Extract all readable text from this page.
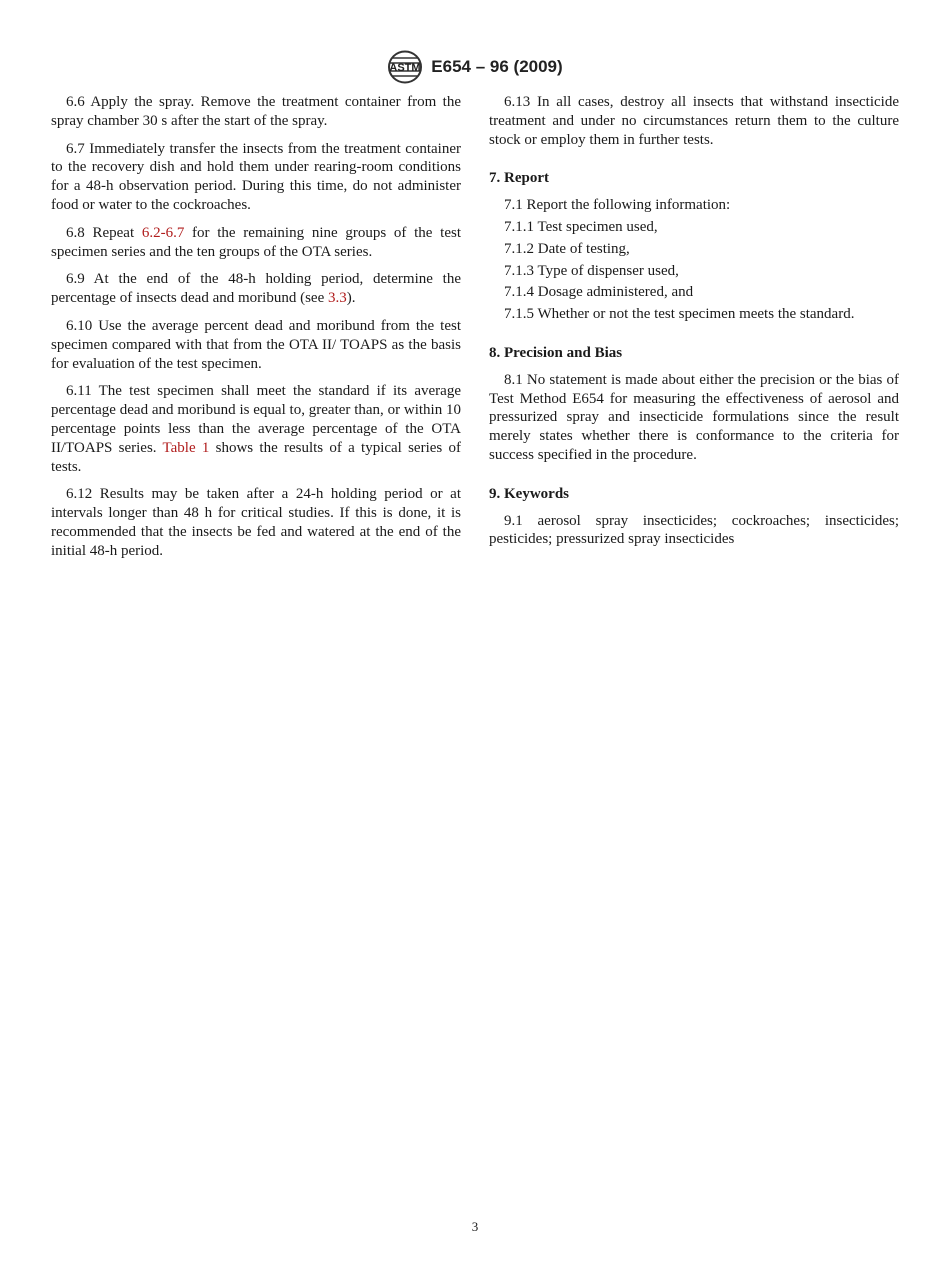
ASTM E654 – 96 (2009)

6.6 Apply the spray. Remove the treatment container from the spray chamber 30 s after the start of the spray.

6.7 Immediately transfer the insects from the treatment container to the recovery dish and hold them under rearing-room conditions for a 48-h observation period. During this time, do not administer food or water to the cockroaches.

6.8 Repeat 6.2-6.7 for the remaining nine groups of the test specimen series and the ten groups of the OTA series.

6.9 At the end of the 48-h holding period, determine the percentage of insects dead and moribund (see 3.3).

6.10 Use the average percent dead and moribund from the test specimen compared with that from the OTA II/ TOAPS as the basis for evaluation of the test specimen.

6.11 The test specimen shall meet the standard if its average percentage dead and moribund is equal to, greater than, or within 10 percentage points less than the average percentage of the OTA II/TOAPS series. Table 1 shows the results of a typical series of tests.

6.12 Results may be taken after a 24-h holding period or at intervals longer than 48 h for critical studies. If this is done, it is recommended that the insects be fed and watered at the end of the initial 48-h period.

6.13 In all cases, destroy all insects that withstand insecticide treatment and under no circumstances return them to the culture stock or employ them in further tests.

7. Report
7.1 Report the following information:
7.1.1 Test specimen used,
7.1.2 Date of testing,
7.1.3 Type of dispenser used,
7.1.4 Dosage administered, and
7.1.5 Whether or not the test specimen meets the standard.
8. Precision and Bias

8.1 No statement is made about either the precision or the bias of Test Method E654 for measuring the effectiveness of aerosol and pressurized spray and insecticide formulations since the result merely states whether there is conformance to the criteria for success specified in the procedure.

9. Keywords

9.1 aerosol spray insecticides; cockroaches; insecticides; pesticides; pressurized spray insecticides

3
